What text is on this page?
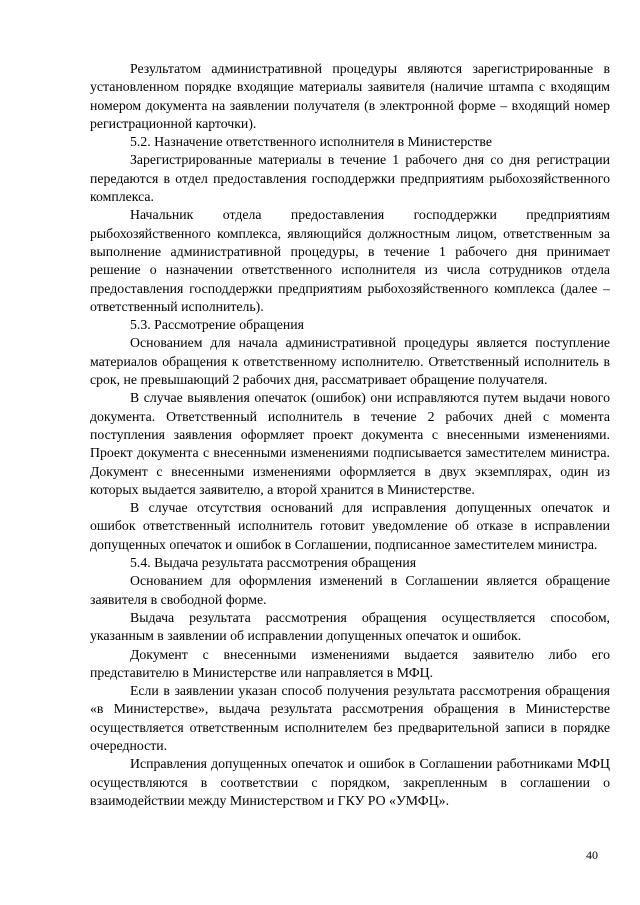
Результатом административной процедуры являются зарегистрированные в установленном порядке входящие материалы заявителя (наличие штампа с входящим номером документа на заявлении получателя (в электронной форме – входящий номер регистрационной карточки).

5.2. Назначение ответственного исполнителя в Министерстве

Зарегистрированные материалы в течение 1 рабочего дня со дня регистрации передаются в отдел предоставления господдержки предприятиям рыбохозяйственного комплекса.

Начальник отдела предоставления господдержки предприятиям рыбохозяйственного комплекса, являющийся должностным лицом, ответственным за выполнение административной процедуры, в течение 1 рабочего дня принимает решение о назначении ответственного исполнителя из числа сотрудников отдела предоставления господдержки предприятиям рыбохозяйственного комплекса (далее – ответственный исполнитель).

5.3. Рассмотрение обращения

Основанием для начала административной процедуры является поступление материалов обращения к ответственному исполнителю. Ответственный исполнитель в срок, не превышающий 2 рабочих дня, рассматривает обращение получателя.

В случае выявления опечаток (ошибок) они исправляются путем выдачи нового документа. Ответственный исполнитель в течение 2 рабочих дней с момента поступления заявления оформляет проект документа с внесенными изменениями. Проект документа с внесенными изменениями подписывается заместителем министра. Документ с внесенными изменениями оформляется в двух экземплярах, один из которых выдается заявителю, а второй хранится в Министерстве.

В случае отсутствия оснований для исправления допущенных опечаток и ошибок ответственный исполнитель готовит уведомление об отказе в исправлении допущенных опечаток и ошибок в Соглашении, подписанное заместителем министра.

5.4. Выдача результата рассмотрения обращения

Основанием для оформления изменений в Соглашении является обращение заявителя в свободной форме.

Выдача результата рассмотрения обращения осуществляется способом, указанным в заявлении об исправлении допущенных опечаток и ошибок.

Документ с внесенными изменениями выдается заявителю либо его представителю в Министерстве или направляется в МФЦ.

Если в заявлении указан способ получения результата рассмотрения обращения «в Министерстве», выдача результата рассмотрения обращения в Министерстве осуществляется ответственным исполнителем без предварительной записи в порядке очередности.

Исправления допущенных опечаток и ошибок в Соглашении работниками МФЦ осуществляются в соответствии с порядком, закрепленным в соглашении о взаимодействии между Министерством и ГКУ РО «УМФЦ».

40
